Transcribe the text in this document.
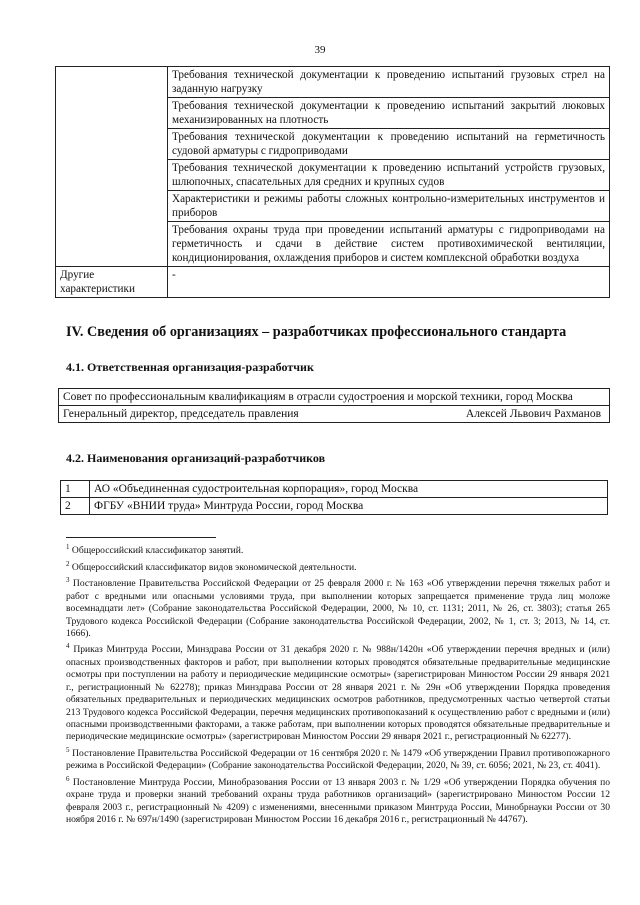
39
	Требования технической документации к проведению испытаний грузовых стрел на заданную нагрузку
	Требования технической документации к проведению испытаний закрытий люковых механизированных на плотность
	Требования технической документации к проведению испытаний на герметичность судовой арматуры с гидроприводами
	Требования технической документации к проведению испытаний устройств грузовых, шлюпочных, спасательных для средних и крупных судов
	Характеристики и режимы работы сложных контрольно-измерительных инструментов и приборов
	Требования охраны труда при проведении испытаний арматуры с гидроприводами на герметичность и сдачи в действие систем противохимической вентиляции, кондиционирования, охлаждения приборов и систем комплексной обработки воздуха
Другие характеристики	-
IV. Сведения об организациях – разработчиках профессионального стандарта
4.1. Ответственная организация-разработчик
Совет по профессиональным квалификациям в отрасли судостроения и морской техники, город Москва
Генеральный директор, председатель правления	Алексей Львович Рахманов
4.2. Наименования организаций-разработчиков
1	АО «Объединенная судостроительная корпорация», город Москва
2	ФГБУ «ВНИИ труда» Минтруда России, город Москва

$^1$ Общероссийский классификатор занятий.

$^2$ Общероссийский классификатор видов экономической деятельности.

$^3$ Постановление Правительства Российской Федерации от 25 февраля 2000 г. № 163 «Об утверждении перечня тяжелых работ и работ с вредными или опасными условиями труда, при выполнении которых запрещается применение труда лиц моложе восемнадцати лет» (Собрание законодательства Российской Федерации, 2000, № 10, ст. 1131; 2011, № 26, ст. 3803); статья 265 Трудового кодекса Российской Федерации (Собрание законодательства Российской Федерации, 2002, № 1, ст. 3; 2013, № 14, ст. 1666).

$^4$ Приказ Минтруда России, Минздрава России от 31 декабря 2020 г. № 988н/1420н «Об утверждении перечня вредных и (или) опасных производственных факторов и работ, при выполнении которых проводятся обязательные предварительные медицинские осмотры при поступлении на работу и периодические медицинские осмотры» (зарегистрирован Минюстом России 29 января 2021 г., регистрационный № 62278); приказ Минздрава России от 28 января 2021 г. № 29н «Об утверждении Порядка проведения обязательных предварительных и периодических медицинских осмотров работников, предусмотренных частью четвертой статьи 213 Трудового кодекса Российской Федерации, перечня медицинских противопоказаний к осуществлению работ с вредными и (или) опасными производственными факторами, а также работам, при выполнении которых проводятся обязательные предварительные и периодические медицинские осмотры» (зарегистрирован Минюстом России 29 января 2021 г., регистрационный № 62277).

$^5$ Постановление Правительства Российской Федерации от 16 сентября 2020 г. № 1479 «Об утверждении Правил противопожарного режима в Российской Федерации» (Собрание законодательства Российской Федерации, 2020, № 39, ст. 6056; 2021, № 23, ст. 4041).

$^6$ Постановление Минтруда России, Минобразования России от 13 января 2003 г. № 1/29 «Об утверждении Порядка обучения по охране труда и проверки знаний требований охраны труда работников организаций» (зарегистрировано Минюстом России 12 февраля 2003 г., регистрационный № 4209) с изменениями, внесенными приказом Минтруда России, Минобрнауки России от 30 ноября 2016 г. № 697н/1490 (зарегистрирован Минюстом России 16 декабря 2016 г., регистрационный № 44767).
